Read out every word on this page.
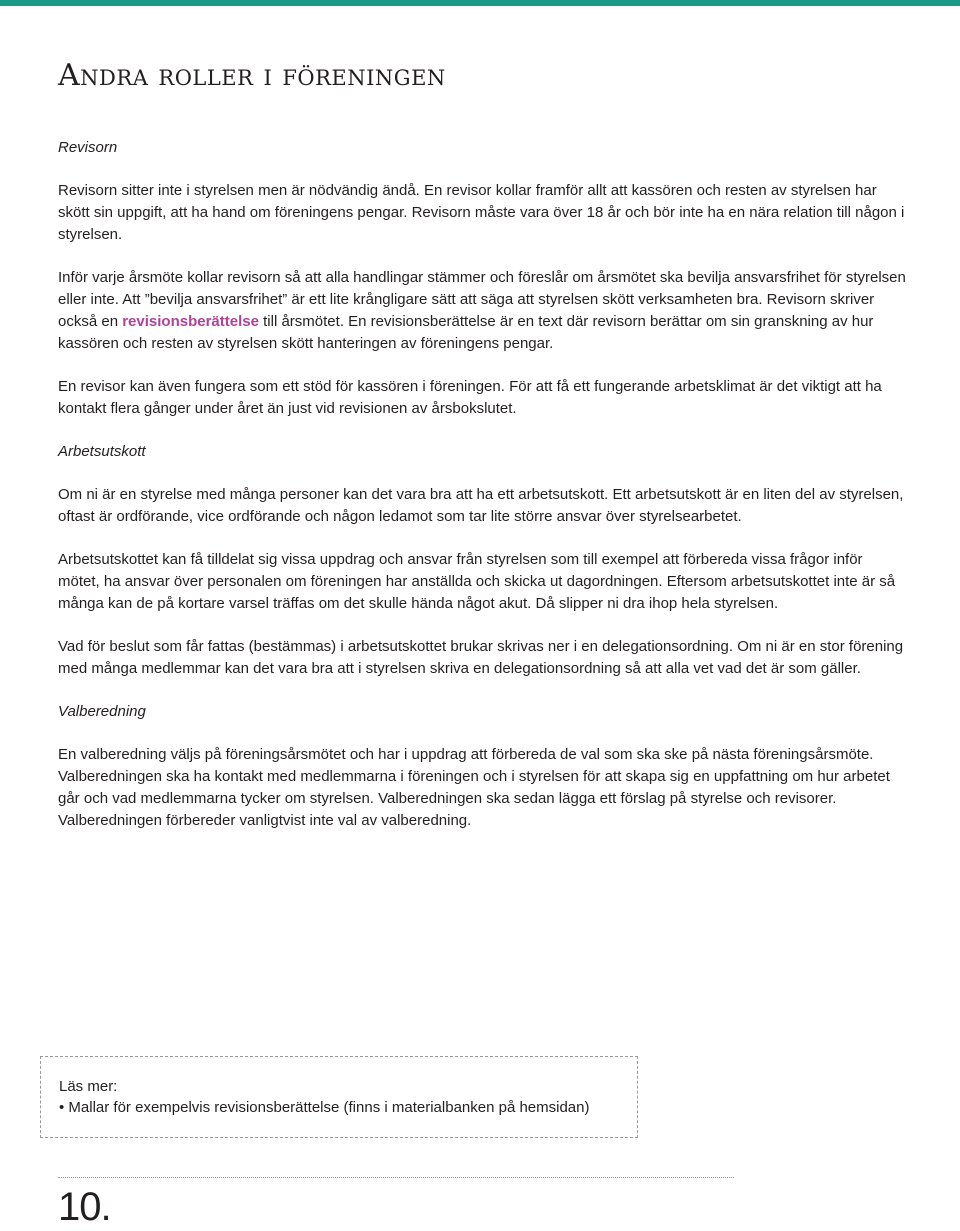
Andra roller i föreningen
Revisorn

Revisorn sitter inte i styrelsen men är nödvändig ändå. En revisor kollar framför allt att kassören och resten av styrelsen har skött sin uppgift, att ha hand om föreningens pengar. Revisorn måste vara över 18 år och bör inte ha en nära relation till någon i styrelsen.

Inför varje årsmöte kollar revisorn så att alla handlingar stämmer och föreslår om årsmötet ska bevilja ansvarsfrihet för styrelsen eller inte. Att ”bevilja ansvarsfrihet” är ett lite krångligare sätt att säga att styrelsen skött verksamheten bra. Revisorn skriver också en revisionsberättelse till årsmötet. En revisionsberättelse är en text där revisorn berättar om sin granskning av hur kassören och resten av styrelsen skött hanteringen av föreningens pengar.

En revisor kan även fungera som ett stöd för kassören i föreningen. För att få ett fungerande arbetsklimat är det viktigt att ha kontakt flera gånger under året än just vid revisionen av årsbokslutet.

Arbetsutskott

Om ni är en styrelse med många personer kan det vara bra att ha ett arbetsutskott. Ett arbetsutskott är en liten del av styrelsen, oftast är ordförande, vice ordförande och någon ledamot som tar lite större ansvar över styrelsearbetet.

Arbetsutskottet kan få tilldelat sig vissa uppdrag och ansvar från styrelsen som till exempel att förbereda vissa frågor inför mötet, ha ansvar över personalen om föreningen har anställda och skicka ut dagordningen. Eftersom arbetsutskottet inte är så många kan de på kortare varsel träffas om det skulle hända något akut. Då slipper ni dra ihop hela styrelsen.

Vad för beslut som får fattas (bestämmas) i arbetsutskottet brukar skrivas ner i en delegationsordning. Om ni är en stor förening med många medlemmar kan det vara bra att i styrelsen skriva en delegationsordning så att alla vet vad det är som gäller.

Valberedning

En valberedning väljs på föreningsårsmötet och har i uppdrag att förbereda de val som ska ske på nästa föreningsårsmöte. Valberedningen ska ha kontakt med medlemmarna i föreningen och i styrelsen för att skapa sig en uppfattning om hur arbetet går och vad medlemmarna tycker om styrelsen. Valberedningen ska sedan lägga ett förslag på styrelse och revisorer. Valberedningen förbereder vanligtvist inte val av valberedning.

Läs mer:
• Mallar för exempelvis revisionsberättelse (finns i materialbanken på hemsidan)
10.
